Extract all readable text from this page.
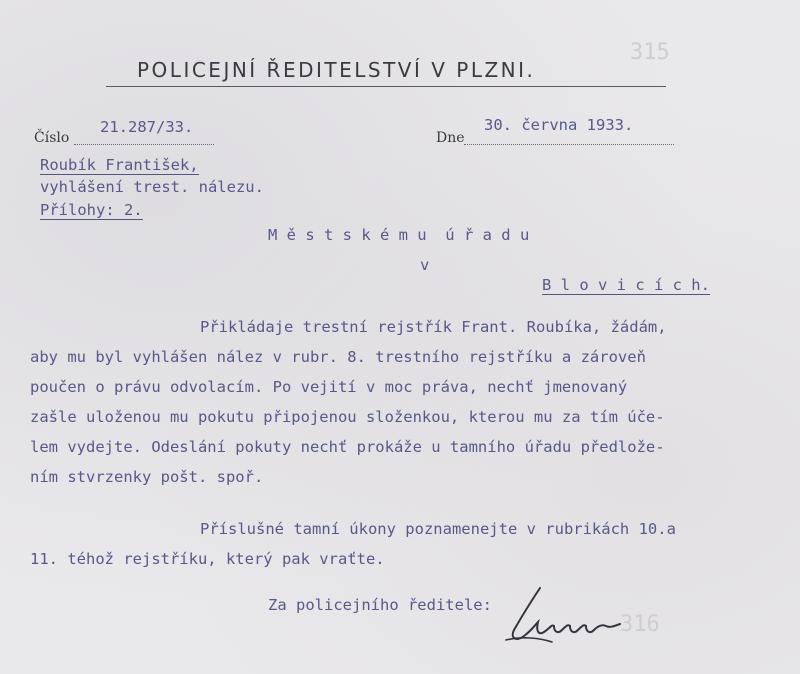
315
316
POLICEJNÍ ŘEDITELSTVÍ V PLZNI.
Číslo
21.287/33.
Dne
30. června 1933.
Roubík František,
vyhlášení trest. nálezu.
Přílohy: 2.
M ě s t s k é m u  ú ř a d u
v
B l o v i c í c h.
Přikládaje trestní rejstřík Frant. Roubíka, žádám,
aby mu byl vyhlášen nález v rubr. 8. trestního rejstříku a zároveň
poučen o právu odvolacím. Po vejití v moc práva, nechť jmenovaný
zašle uloženou mu pokutu připojenou složenkou, kterou mu za tím úče-
lem vydejte. Odeslání pokuty nechť prokáže u tamního úřadu předlože-
ním stvrzenky pošt. spoř.
Příslušné tamní úkony poznamenejte v rubrikách 10.a
11. téhož rejstříku, který pak vraťte.
Za policejního ředitele:
